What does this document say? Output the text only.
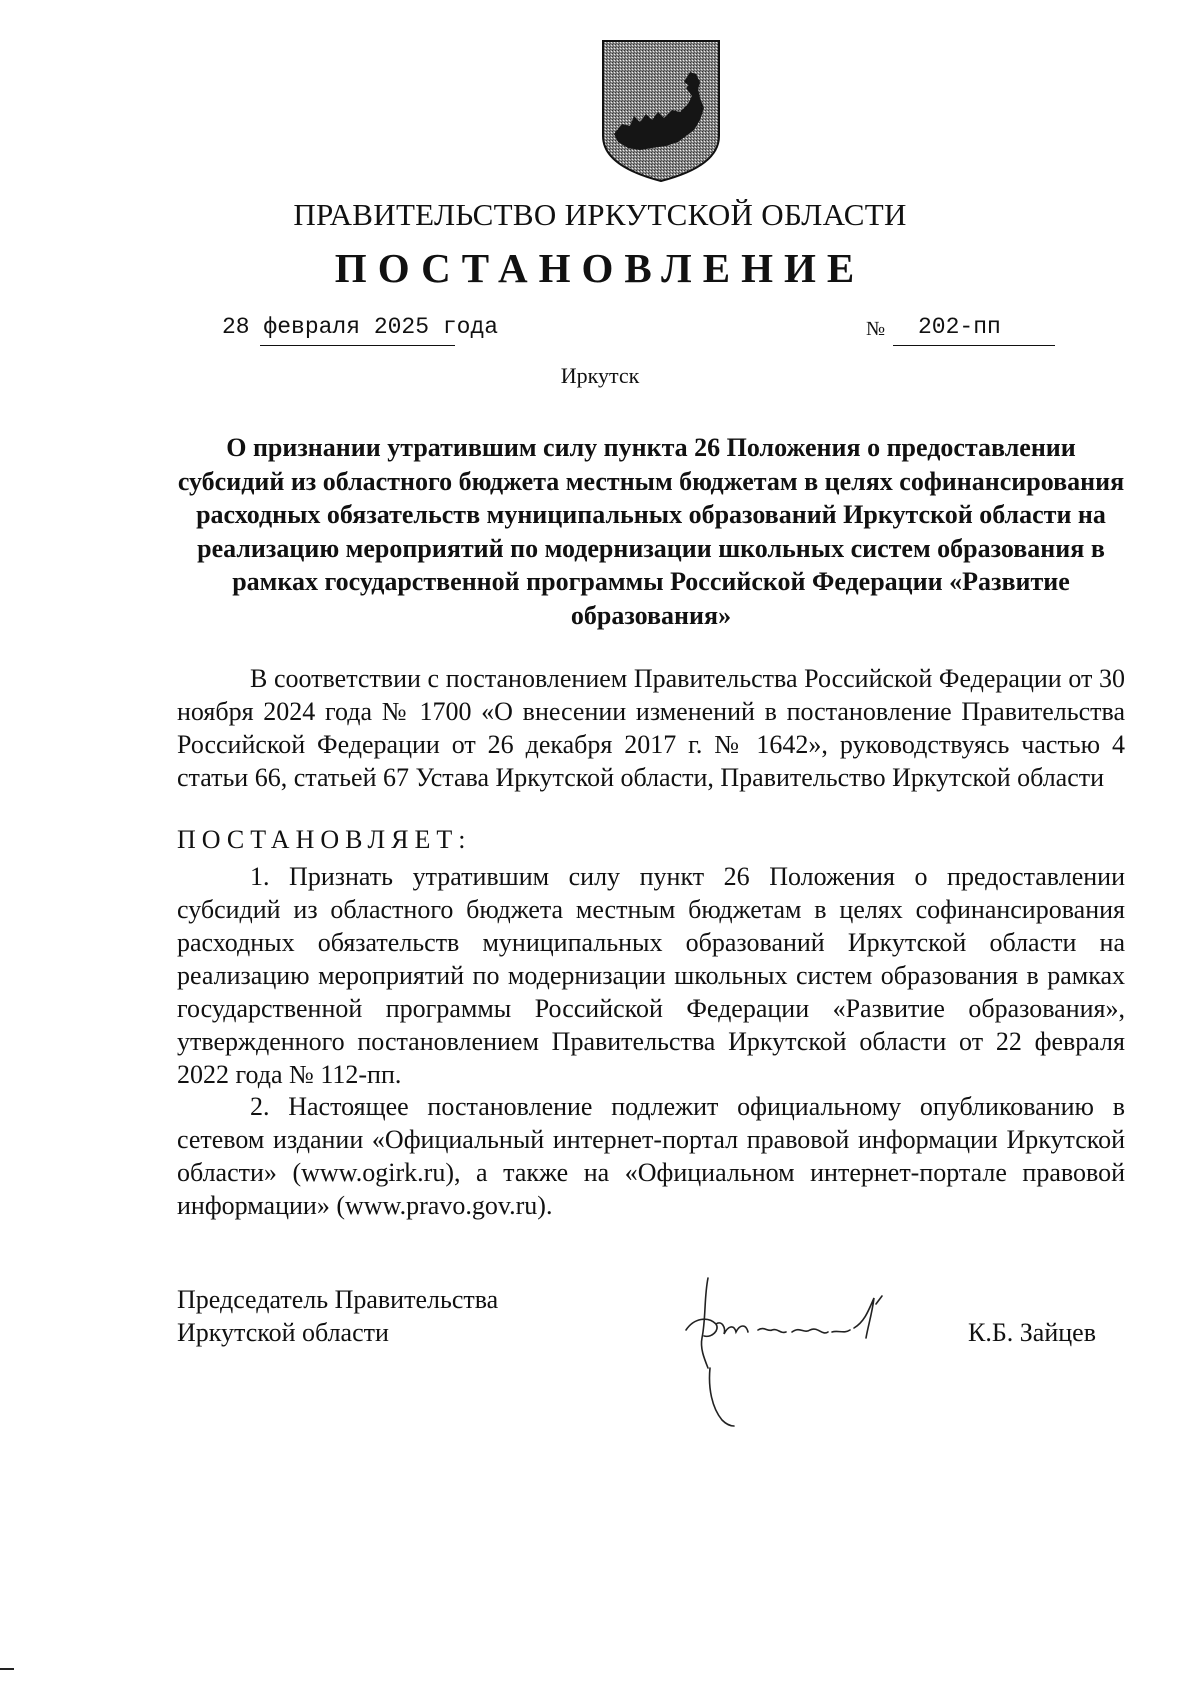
ПРАВИТЕЛЬСТВО ИРКУТСКОЙ ОБЛАСТИ
ПОСТАНОВЛЕНИЕ
28 февраля 2025 года	№ 202-пп
Иркутск
О признании утратившим силу пункта 26 Положения о предоставлении субсидий из областного бюджета местным бюджетам в целях софинансирования расходных обязательств муниципальных образований Иркутской области на реализацию мероприятий по модернизации школьных систем образования в рамках государственной программы Российской Федерации «Развитие образования»

В соответствии с постановлением Правительства Российской Федерации от 30 ноября 2024 года № 1700 «О внесении изменений в постановление Правительства Российской Федерации от 26 декабря 2017 г. № 1642», руководствуясь частью 4 статьи 66, статьей 67 Устава Иркутской области, Правительство Иркутской области

ПОСТАНОВЛЯЕТ:

1. Признать утратившим силу пункт 26 Положения о предоставлении субсидий из областного бюджета местным бюджетам в целях софинансирования расходных обязательств муниципальных образований Иркутской области на реализацию мероприятий по модернизации школьных систем образования в рамках государственной программы Российской Федерации «Развитие образования», утвержденного постановлением Правительства Иркутской области от 22 февраля 2022 года № 112-пп.

2. Настоящее постановление подлежит официальному опубликованию в сетевом издании «Официальный интернет-портал правовой информации Иркутской области» (www.ogirk.ru), а также на «Официальном интернет-портале правовой информации» (www.pravo.gov.ru).

Председатель Правительства
Иркутской области	К.Б. Зайцев
